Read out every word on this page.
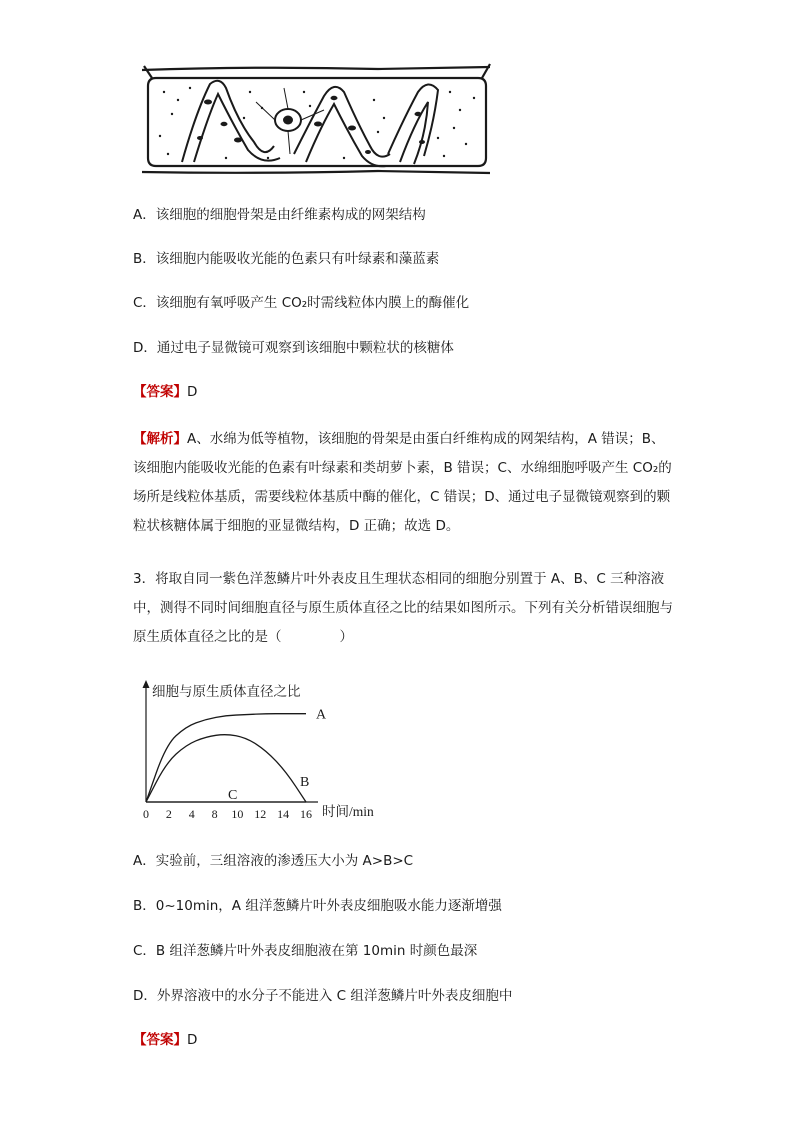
A．该细胞的细胞骨架是由纤维素构成的网架结构
B．该细胞内能吸收光能的色素只有叶绿素和藻蓝素
C．该细胞有氧呼吸产生 CO₂时需线粒体内膜上的酶催化
D．通过电子显微镜可观察到该细胞中颗粒状的核糖体
【答案】D
【解析】A、水绵为低等植物，该细胞的骨架是由蛋白纤维构成的网架结构，A 错误；B、该细胞内能吸收光能的色素有叶绿素和类胡萝卜素，B 错误；C、水绵细胞呼吸产生 CO₂的场所是线粒体基质，需要线粒体基质中酶的催化，C 错误；D、通过电子显微镜观察到的颗粒状核糖体属于细胞的亚显微结构，D 正确；故选 D。
3．将取自同一紫色洋葱鳞片叶外表皮且生理状态相同的细胞分别置于 A、B、C 三种溶液中，测得不同时间细胞直径与原生质体直径之比的结果如图所示。下列有关分析错误细胞与原生质体直径之比的是（	）
A
B
C
0 2 4 8 10 12 14 16
细胞与原生质体直径之比
时间/min
A．实验前，三组溶液的渗透压大小为 A>B>C
B．0~10min，A 组洋葱鳞片叶外表皮细胞吸水能力逐渐增强
C．B 组洋葱鳞片叶外表皮细胞液在第 10min 时颜色最深
D．外界溶液中的水分子不能进入 C 组洋葱鳞片叶外表皮细胞中
【答案】D
